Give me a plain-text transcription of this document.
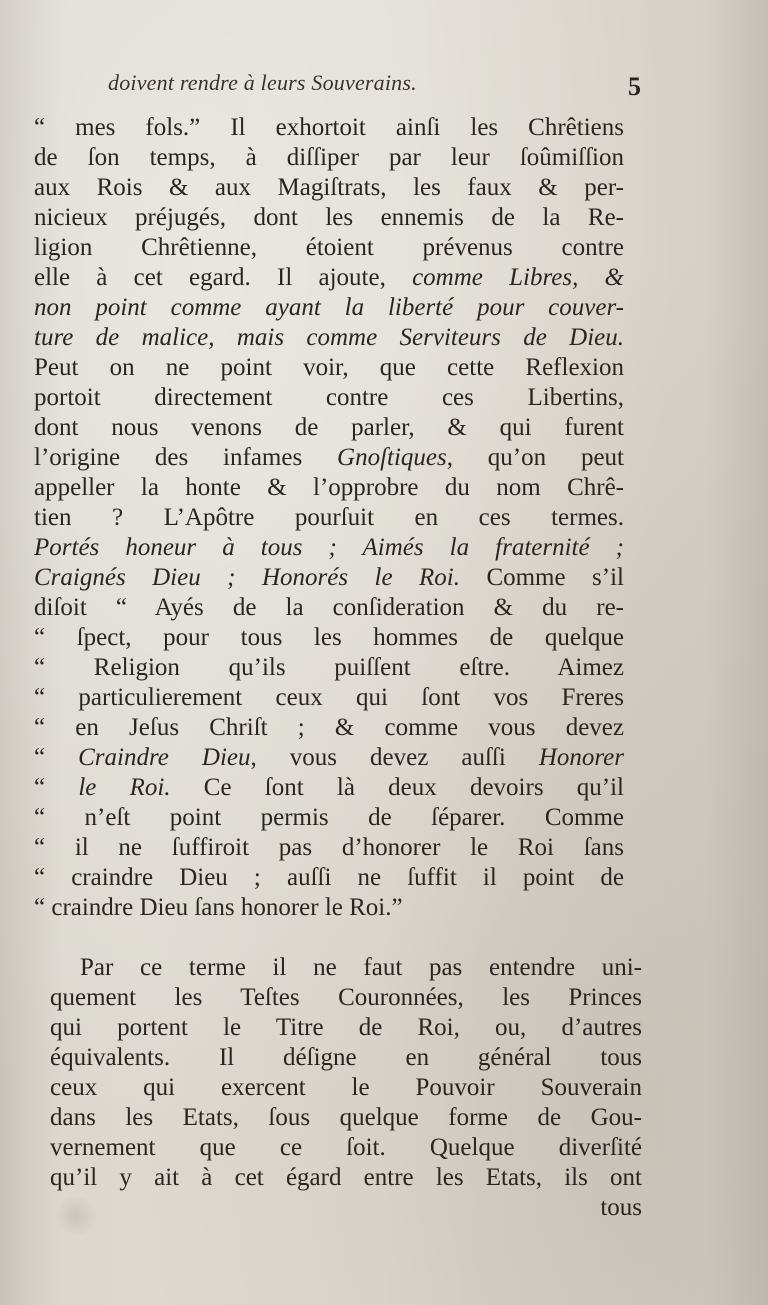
doivent rendre à leurs Souverains.	5
“ mes fols.” Il exhortoit ainſi les Chrêtiens
de ſon temps, à diſſiper par leur ſoûmiſſion
aux Rois & aux Magiſtrats, les faux & per-
nicieux préjugés, dont les ennemis de la Re-
ligion Chrêtienne, étoient prévenus contre
elle à cet egard. Il ajoute, comme Libres, &
non point comme ayant la liberté pour couver-
ture de malice, mais comme Serviteurs de Dieu.
Peut on ne point voir, que cette Reflexion
portoit directement contre ces Libertins,
dont nous venons de parler, & qui furent
l’origine des infames Gnoſtiques, qu’on peut
appeller la honte & l’opprobre du nom Chrê-
tien ? L’Apôtre pourſuit en ces termes.
Portés honeur à tous ; Aimés la fraternité ;
Craignés Dieu ; Honorés le Roi. Comme s’il
diſoit “ Ayés de la conſideration & du re-
“ ſpect, pour tous les hommes de quelque
“ Religion qu’ils puiſſent eſtre. Aimez
“ particulierement ceux qui ſont vos Freres
“ en Jeſus Chriſt ; & comme vous devez
“ Craindre Dieu, vous devez auſſi Honorer
“ le Roi. Ce ſont là deux devoirs qu’il
“ n’eſt point permis de ſéparer. Comme
“ il ne ſuffiroit pas d’honorer le Roi ſans
“ craindre Dieu ; auſſi ne ſuffit il point de
“ craindre Dieu ſans honorer le Roi.”
Par ce terme il ne faut pas entendre uni-
quement les Teſtes Couronnées, les Princes
qui portent le Titre de Roi, ou, d’autres
équivalents. Il déſigne en général tous
ceux qui exercent le Pouvoir Souverain
dans les Etats, ſous quelque forme de Gou-
vernement que ce ſoit. Quelque diverſité
qu’il y ait à cet égard entre les Etats, ils ont
tous
